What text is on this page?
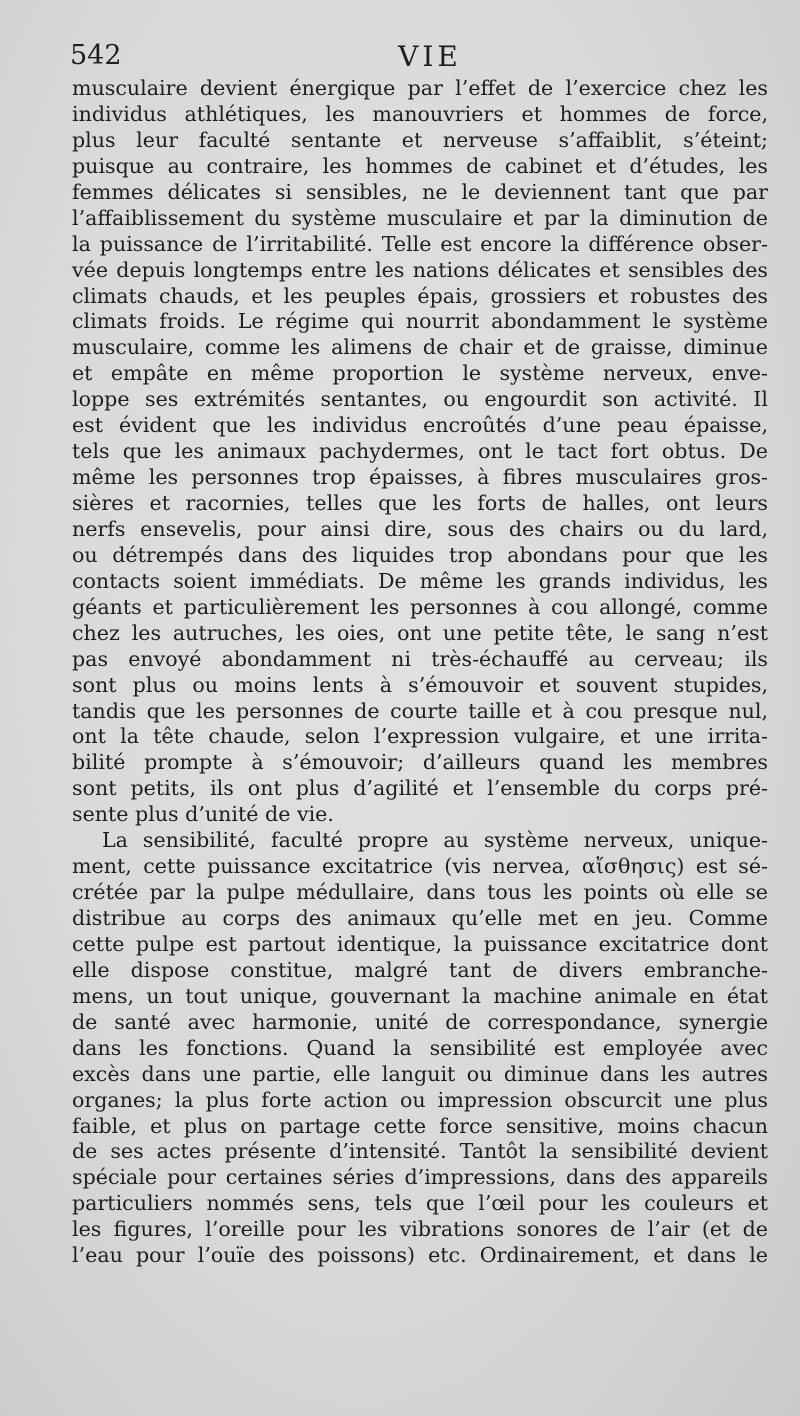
542	VIE
musculaire devient énergique par l’effet de l’exercice chez les
individus athlétiques, les manouvriers et hommes de force,
plus leur faculté sentante et nerveuse s’affaiblit, s’éteint;
puisque au contraire, les hommes de cabinet et d’études, les
femmes délicates si sensibles, ne le deviennent tant que par
l’affaiblissement du système musculaire et par la diminution de
la puissance de l’irritabilité. Telle est encore la différence obser-
vée depuis longtemps entre les nations délicates et sensibles des
climats chauds, et les peuples épais, grossiers et robustes des
climats froids. Le régime qui nourrit abondamment le système
musculaire, comme les alimens de chair et de graisse, diminue
et empâte en même proportion le système nerveux, enve-
loppe ses extrémités sentantes, ou engourdit son activité. Il
est évident que les individus encroûtés d’une peau épaisse,
tels que les animaux pachydermes, ont le tact fort obtus. De
même les personnes trop épaisses, à fibres musculaires gros-
sières et racornies, telles que les forts de halles, ont leurs
nerfs ensevelis, pour ainsi dire, sous des chairs ou du lard,
ou détrempés dans des liquides trop abondans pour que les
contacts soient immédiats. De même les grands individus, les
géants et particulièrement les personnes à cou allongé, comme
chez les autruches, les oies, ont une petite tête, le sang n’est
pas envoyé abondamment ni très-échauffé au cerveau; ils
sont plus ou moins lents à s’émouvoir et souvent stupides,
tandis que les personnes de courte taille et à cou presque nul,
ont la tête chaude, selon l’expression vulgaire, et une irrita-
bilité prompte à s’émouvoir; d’ailleurs quand les membres
sont petits, ils ont plus d’agilité et l’ensemble du corps pré-
sente plus d’unité de vie.
La sensibilité, faculté propre au système nerveux, unique-
ment, cette puissance excitatrice (vis nervea, αἴσθησις) est sé-
crétée par la pulpe médullaire, dans tous les points où elle se
distribue au corps des animaux qu’elle met en jeu. Comme
cette pulpe est partout identique, la puissance excitatrice dont
elle dispose constitue, malgré tant de divers embranche-
mens, un tout unique, gouvernant la machine animale en état
de santé avec harmonie, unité de correspondance, synergie
dans les fonctions. Quand la sensibilité est employée avec
excès dans une partie, elle languit ou diminue dans les autres
organes; la plus forte action ou impression obscurcit une plus
faible, et plus on partage cette force sensitive, moins chacun
de ses actes présente d’intensité. Tantôt la sensibilité devient
spéciale pour certaines séries d’impressions, dans des appareils
particuliers nommés sens, tels que l’œil pour les couleurs et
les figures, l’oreille pour les vibrations sonores de l’air (et de
l’eau pour l’ouïe des poissons) etc. Ordinairement, et dans le
